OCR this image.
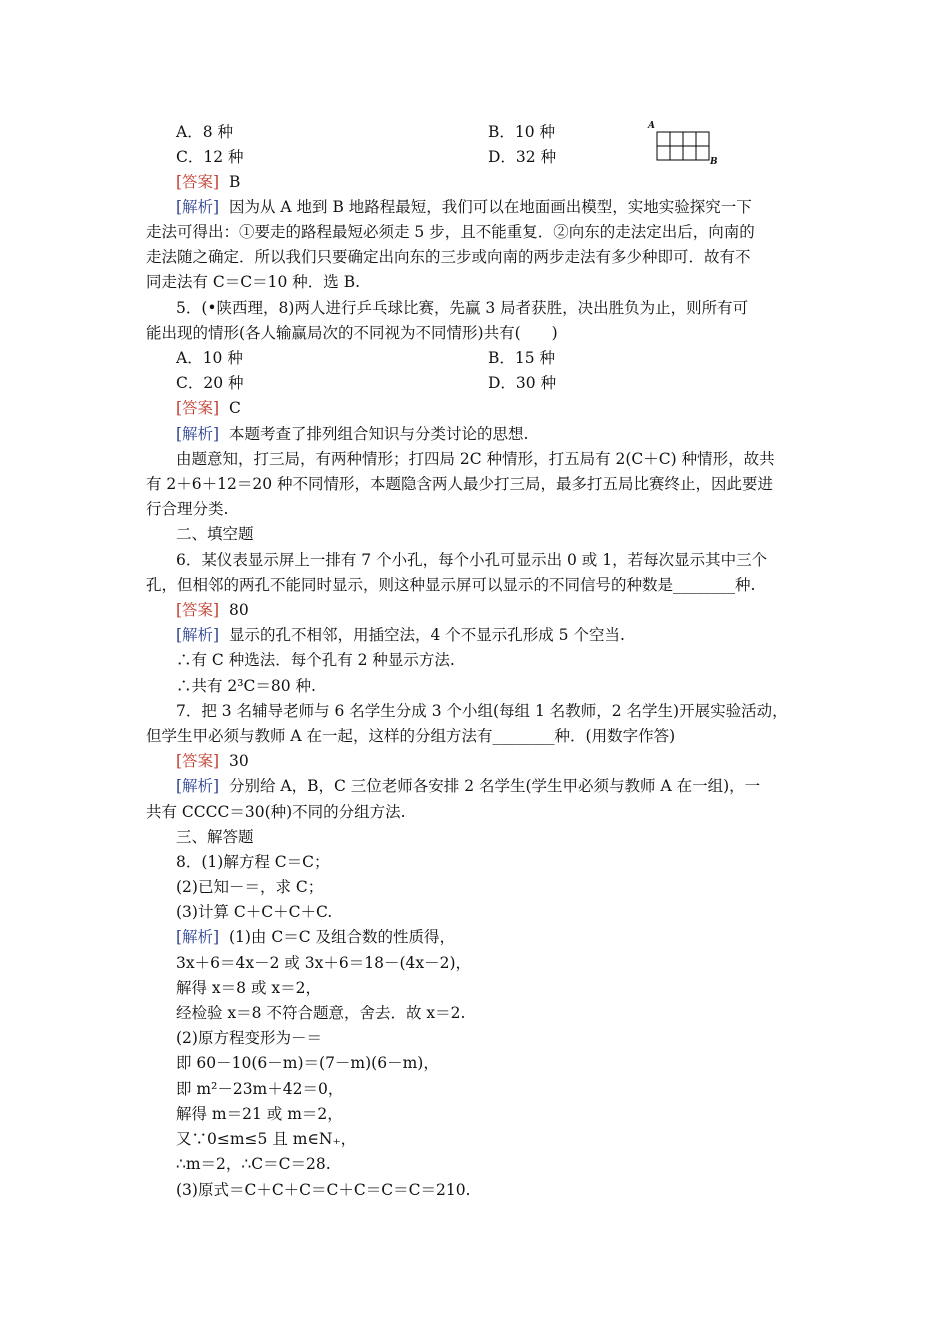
A．8 种	B．10 种
C．12 种	D．32 种
A
B
[答案] B
[解析] 因为从 A 地到 B 地路程最短，我们可以在地面画出模型，实地实验探究一下
走法可得出：①要走的路程最短必须走 5 步，且不能重复．②向东的走法定出后，向南的
走法随之确定．所以我们只要确定出向东的三步或向南的两步走法有多少种即可．故有不
同走法有 C＝C＝10 种．选 B.
5．(•陕西理，8)两人进行乒乓球比赛，先赢 3 局者获胜，决出胜负为止，则所有可
能出现的情形(各人输赢局次的不同视为不同情形)共有(　　)
A．10 种	B．15 种
C．20 种	D．30 种
[答案] C
[解析] 本题考查了排列组合知识与分类讨论的思想.
由题意知，打三局，有两种情形；打四局 2C 种情形，打五局有 2(C＋C) 种情形，故共
有 2＋6＋12＝20 种不同情形，本题隐含两人最少打三局，最多打五局比赛终止，因此要进
行合理分类.
二、填空题
6．某仪表显示屏上一排有 7 个小孔，每个小孔可显示出 0 或 1，若每次显示其中三个
孔，但相邻的两孔不能同时显示，则这种显示屏可以显示的不同信号的种数是________种.
[答案] 80
[解析] 显示的孔不相邻，用插空法，4 个不显示孔形成 5 个空当.
∴有 C 种选法．每个孔有 2 种显示方法.
∴共有 2³C＝80 种.
7．把 3 名辅导老师与 6 名学生分成 3 个小组(每组 1 名教师，2 名学生)开展实验活动，
但学生甲必须与教师 A 在一起，这样的分组方法有________种．(用数字作答)
[答案] 30
[解析] 分别给 A，B，C 三位老师各安排 2 名学生(学生甲必须与教师 A 在一组)，一
共有 CCCC＝30(种)不同的分组方法.
三、解答题
8．(1)解方程 C＝C；
(2)已知－＝，求 C；
(3)计算 C＋C＋C＋C.
[解析] (1)由 C＝C 及组合数的性质得，
3x＋6＝4x－2 或 3x＋6＝18－(4x－2)，
解得 x＝8 或 x＝2，
经检验 x＝8 不符合题意，舍去．故 x＝2.
(2)原方程变形为－＝
即 60－10(6－m)＝(7－m)(6－m)，
即 m²－23m＋42＝0，
解得 m＝21 或 m＝2，
又∵0≤m≤5 且 m∈N₊，
∴m＝2，∴C＝C＝28.
(3)原式＝C＋C＋C＝C＋C＝C＝C＝210.
